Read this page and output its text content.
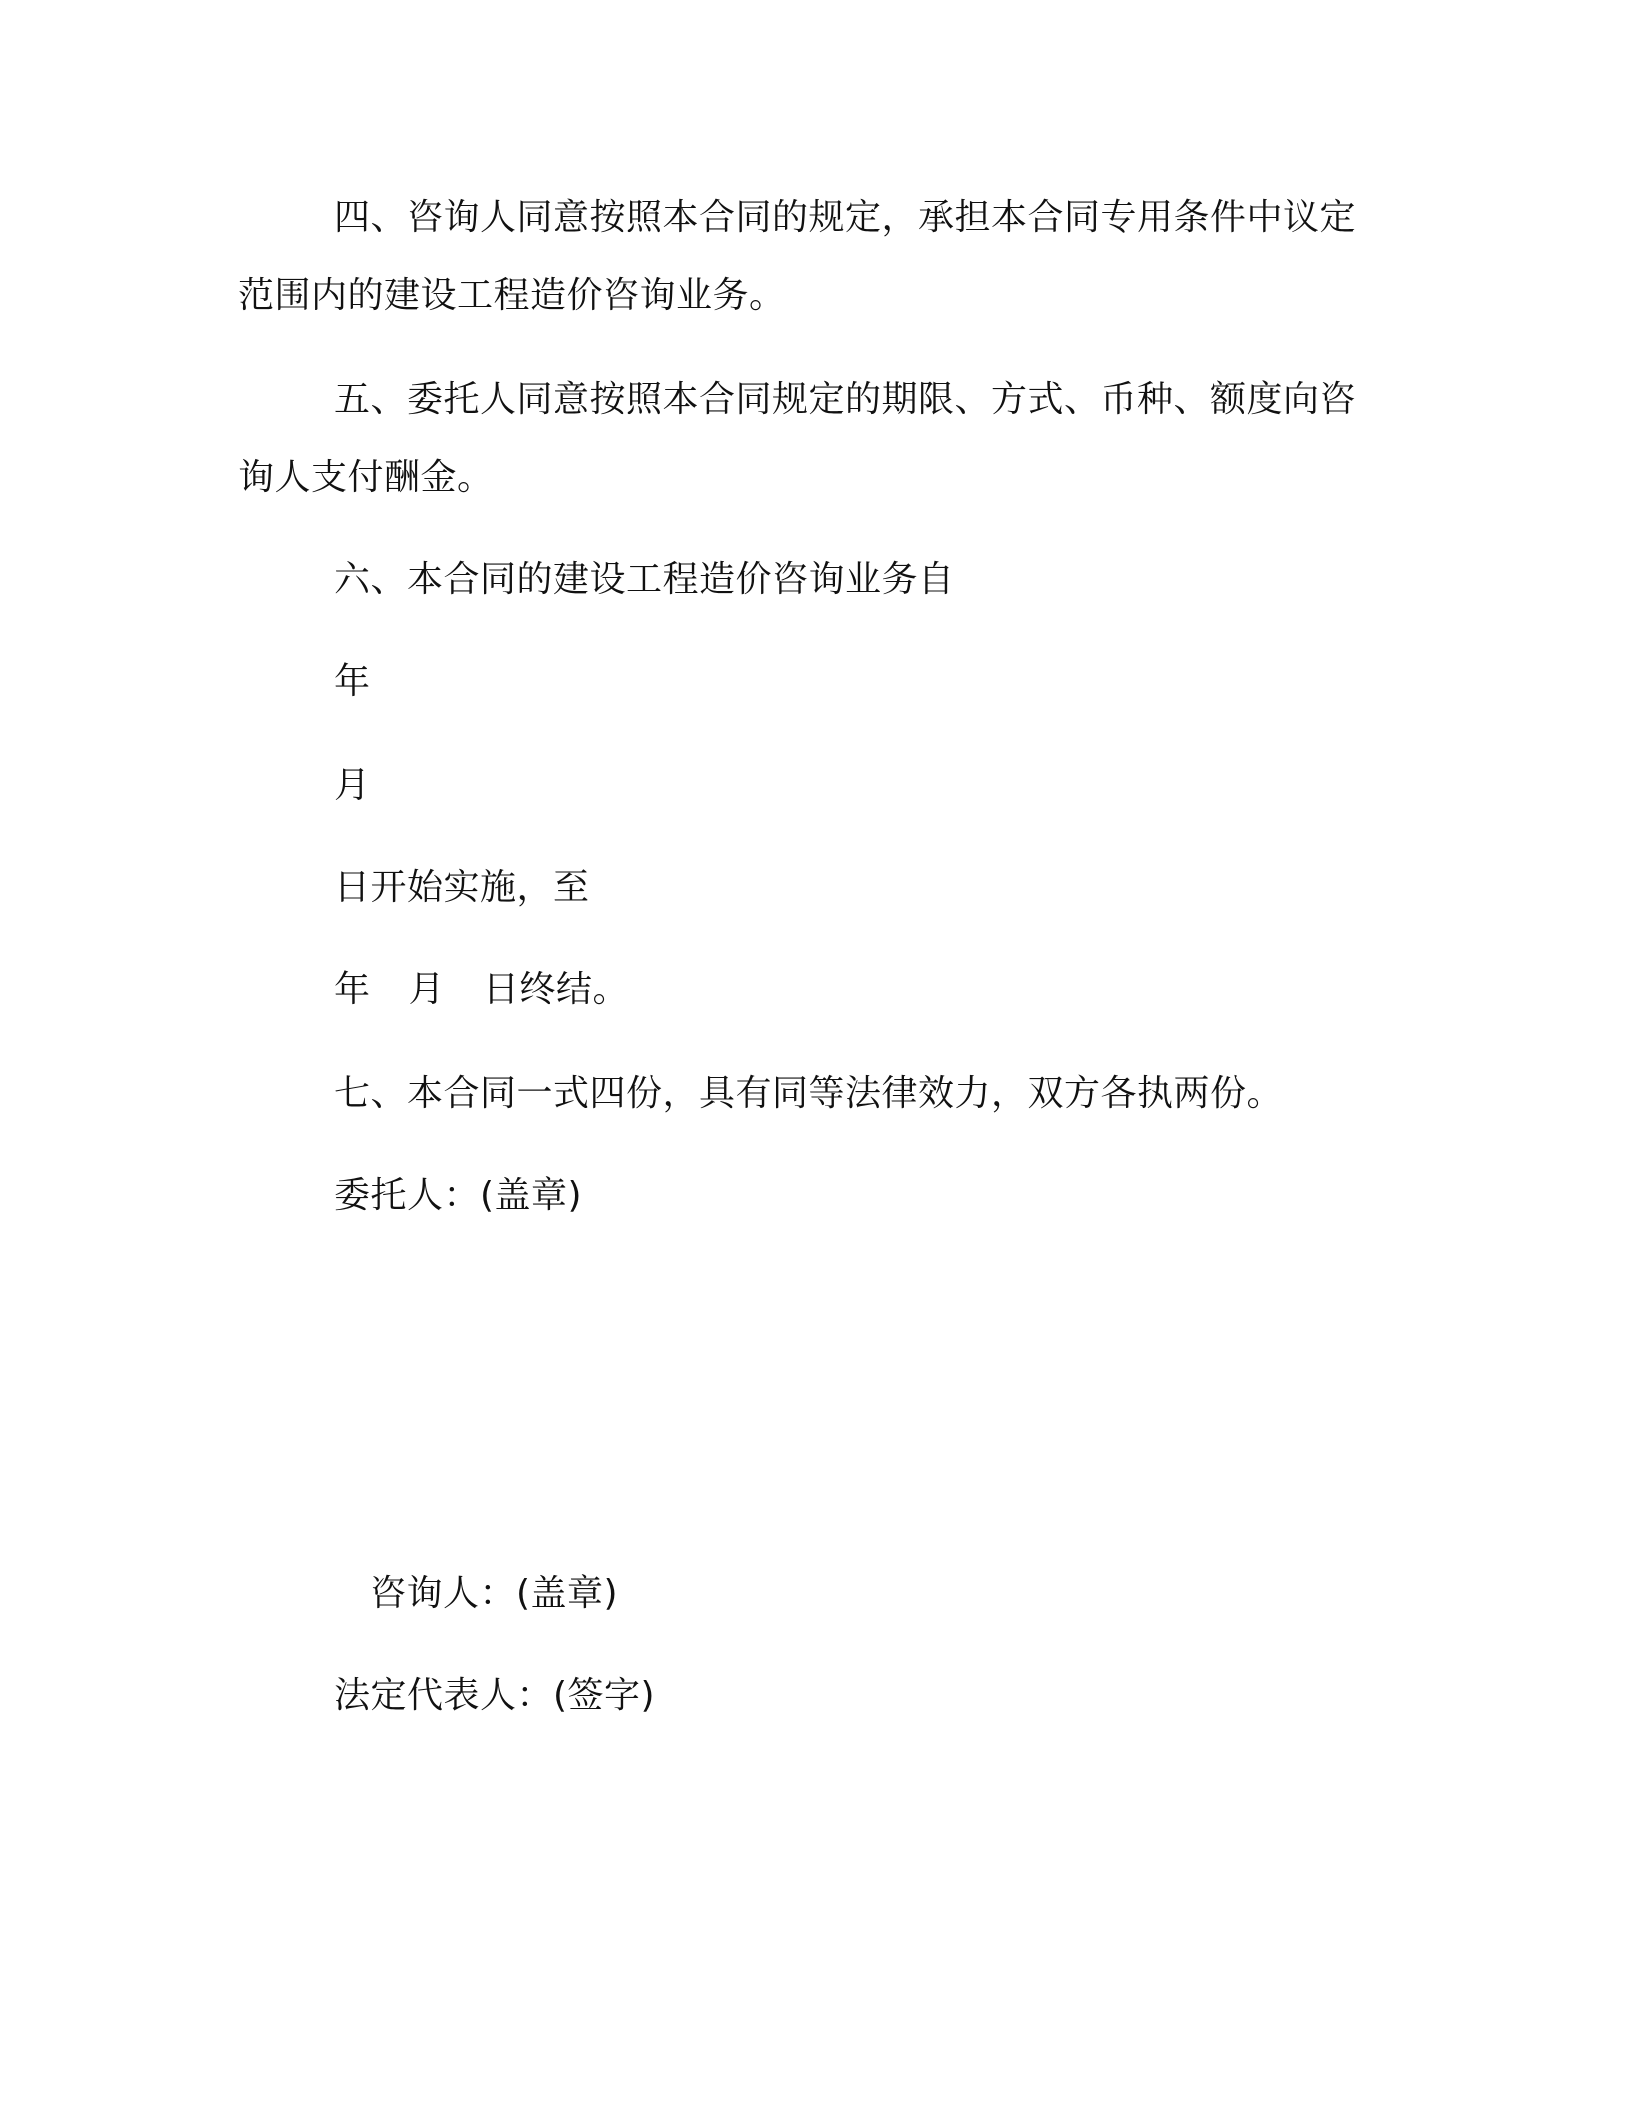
四、咨询人同意按照本合同的规定，承担本合同专用条件中议定
范围内的建设工程造价咨询业务。
五、委托人同意按照本合同规定的期限、方式、币种、额度向咨
询人支付酬金。
六、本合同的建设工程造价咨询业务自
年
月
日开始实施，至
年 月 日终结。
七、本合同一式四份，具有同等法律效力，双方各执两份。
委托人：(盖章)
咨询人：(盖章)
法定代表人：(签字)
